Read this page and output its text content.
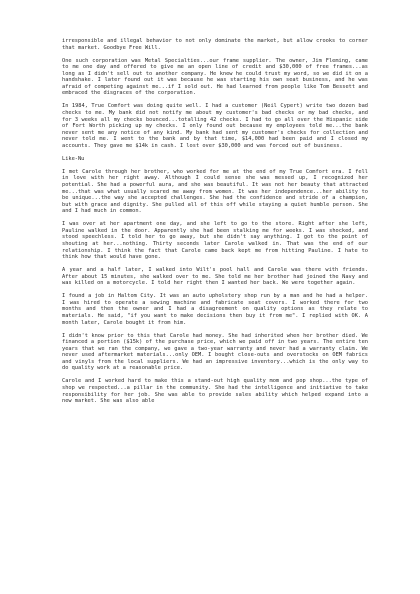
irresponsible and illegal behavior to not only dominate the market, but allow crooks to corner that market. Goodbye Free Will.

One such corporation was Metal Specialties...our frame supplier. The owner, Jim Fleming, came to me one day and offered to give me an open line of credit and $30,000 of free frames...as long as I didn't sell out to another company. He knew he could trust my word, so we did it on a handshake. I later found out it was because he was starting his own seat business, and he was afraid of competing against me...if I sold out. He had learned from people like Tom Bessett and embraced the disgraces of the corporation.

In 1984, True Comfort was doing quite well. I had a customer (Neil Cypert) write two dozen bad checks to me. My bank did not notify me about my customer's bad checks or my bad checks, and for 3 weeks all my checks bounced...totalling 42 checks. I had to go all over the Hispanic side of Fort Worth picking up my checks. I only found out because my employees told me...the bank never sent me any notice of any kind. My bank had sent my customer's checks for collection and never told me. I went to the bank and by that time, $14,000 had been paid and I closed my accounts. They gave me $14k in cash. I lost over $30,000 and was forced out of business.

Like-Nu

I met Carole through her brother, who worked for me at the end of my True Comfort era. I fell in love with her right away. Although I could sense she was messed up, I recognized her potential. She had a powerful aura, and she was beautiful. It was not her beauty that attracted me...that was what usually scared me away from women. It was her independence...her ability to be unique...the way she accepted challenges. She had the confidence and stride of a champion, but with grace and dignity. She pulled all of this off while staying a quiet humble person. She and I had much in common.

I was over at her apartment one day, and she left to go to the store. Right after she left, Pauline walked in the door. Apparently she had been stalking me for weeks. I was shocked, and stood speechless. I told her to go away, but she didn't say anything. I got to the point of shouting at her...nothing. Thirty seconds later Carole walked in. That was the end of our relationship. I think the fact that Carole came back kept me from hitting Pauline. I hate to think how that would have gone.

A year and a half later, I walked into Wilt's pool hall and Carole was there with friends. After about 15 minutes, she walked over to me. She told me her brother had joined the Navy and was killed on a motorcycle. I told her right then I wanted her back. We were together again.

I found a job in Haltom City. It was an auto upholstery shop run by a man and he had a helper. I was hired to operate a sewing machine and fabricate seat covers. I worked there for two months and then the owner and I had a disagreement on quality options as they relate to materials. He said, "if you want to make decisions then buy it from me". I replied with OK. A month later, Carole bought it from him.

I didn't know prior to this that Carole had money. She had inherited when her brother died. We financed a portion ($15k) of the purchase price, which we paid off in two years. The entire ten years that we ran the company, we gave a two-year warranty and never had a warranty claim. We never used aftermarket materials...only OEM. I bought close-outs and overstocks on OEM fabrics and vinyls from the local suppliers. We had an impressive inventory...which is the only way to do quality work at a reasonable price.

Carole and I worked hard to make this a stand-out high quality mom and pop shop...the type of shop we respected...a pillar in the community. She had the intelligence and initiative to take responsibility for her job. She was able to provide sales ability which helped expand into a new market. She was also able
